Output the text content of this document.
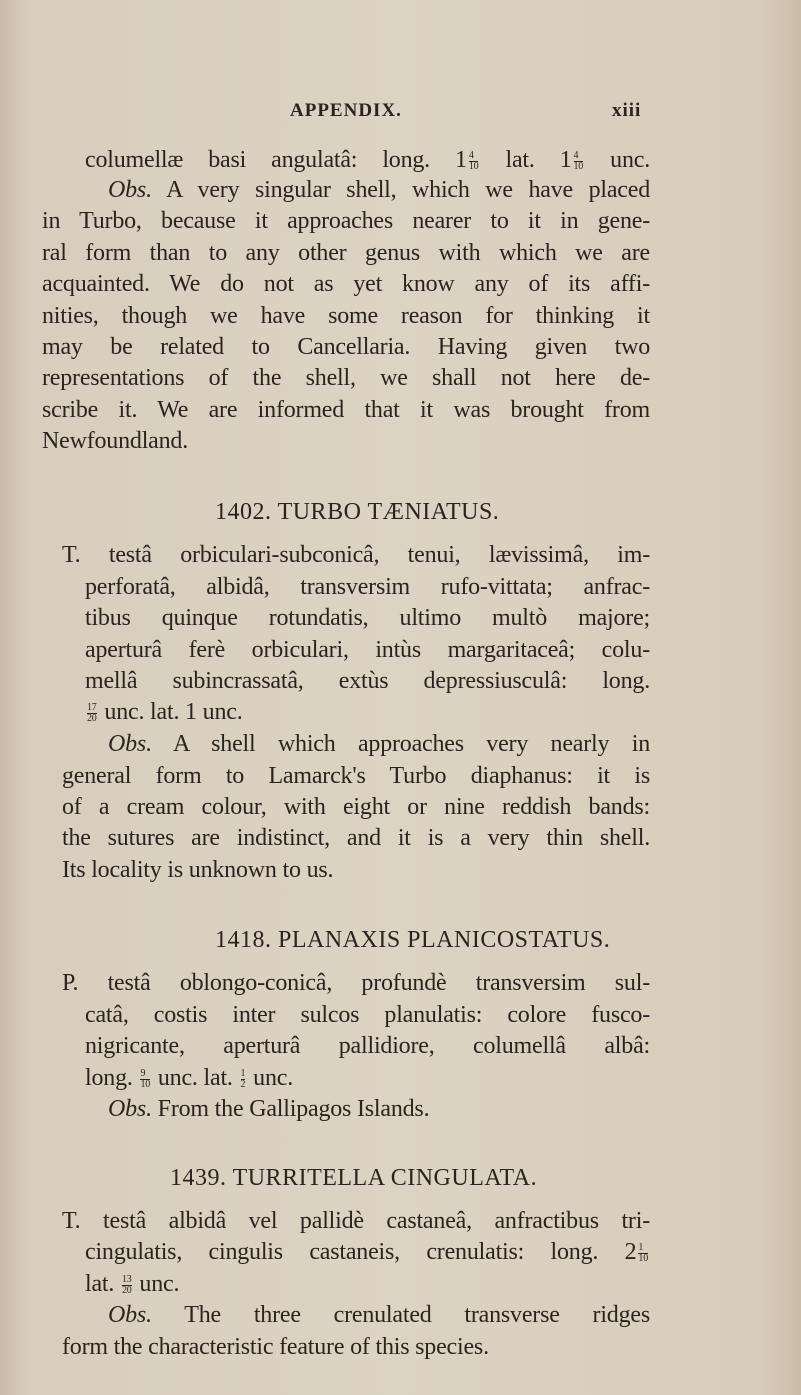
APPENDIX.	xiii
1402. TURBO TÆNIATUS.
1418. PLANAXIS PLANICOSTATUS.
1439. TURRITELLA CINGULATA.
columellæ basi angulatâ: long. $1 \frac{4}{10}$ lat. $1 \frac{4}{10}$ unc.
Obs. A very singular shell, which we have placed
in Turbo, because it approaches nearer to it in gene-
ral form than to any other genus with which we are
acquainted. We do not as yet know any of its affi-
nities, though we have some reason for thinking it
may be related to Cancellaria. Having given two
representations of the shell, we shall not here de-
scribe it. We are informed that it was brought from
Newfoundland.
T. testâ orbiculari-subconicâ, tenui, lævissimâ, im-
perforatâ, albidâ, transversim rufo-vittata; anfrac-
tibus quinque rotundatis, ultimo multò majore;
aperturâ ferè orbiculari, intùs margaritaceâ; colu-
mellâ subincrassatâ, extùs depressiusculâ: long.
$\frac{17}{20}$ unc. lat. 1 unc.
Obs. A shell which approaches very nearly in
general form to Lamarck's Turbo diaphanus: it is
of a cream colour, with eight or nine reddish bands:
the sutures are indistinct, and it is a very thin shell.
Its locality is unknown to us.
P. testâ oblongo-conicâ, profundè transversim sul-
catâ, costis inter sulcos planulatis: colore fusco-
nigricante, aperturâ pallidiore, columellâ albâ:
long. $\frac{9}{10}$ unc. lat. $\frac{1}{2}$ unc.
Obs. From the Gallipagos Islands.
T. testâ albidâ vel pallidè castaneâ, anfractibus tri-
cingulatis, cingulis castaneis, crenulatis: long. $2 \frac{1}{10}$
lat. $\frac{13}{20}$ unc.
Obs. The three crenulated transverse ridges
form the characteristic feature of this species.
